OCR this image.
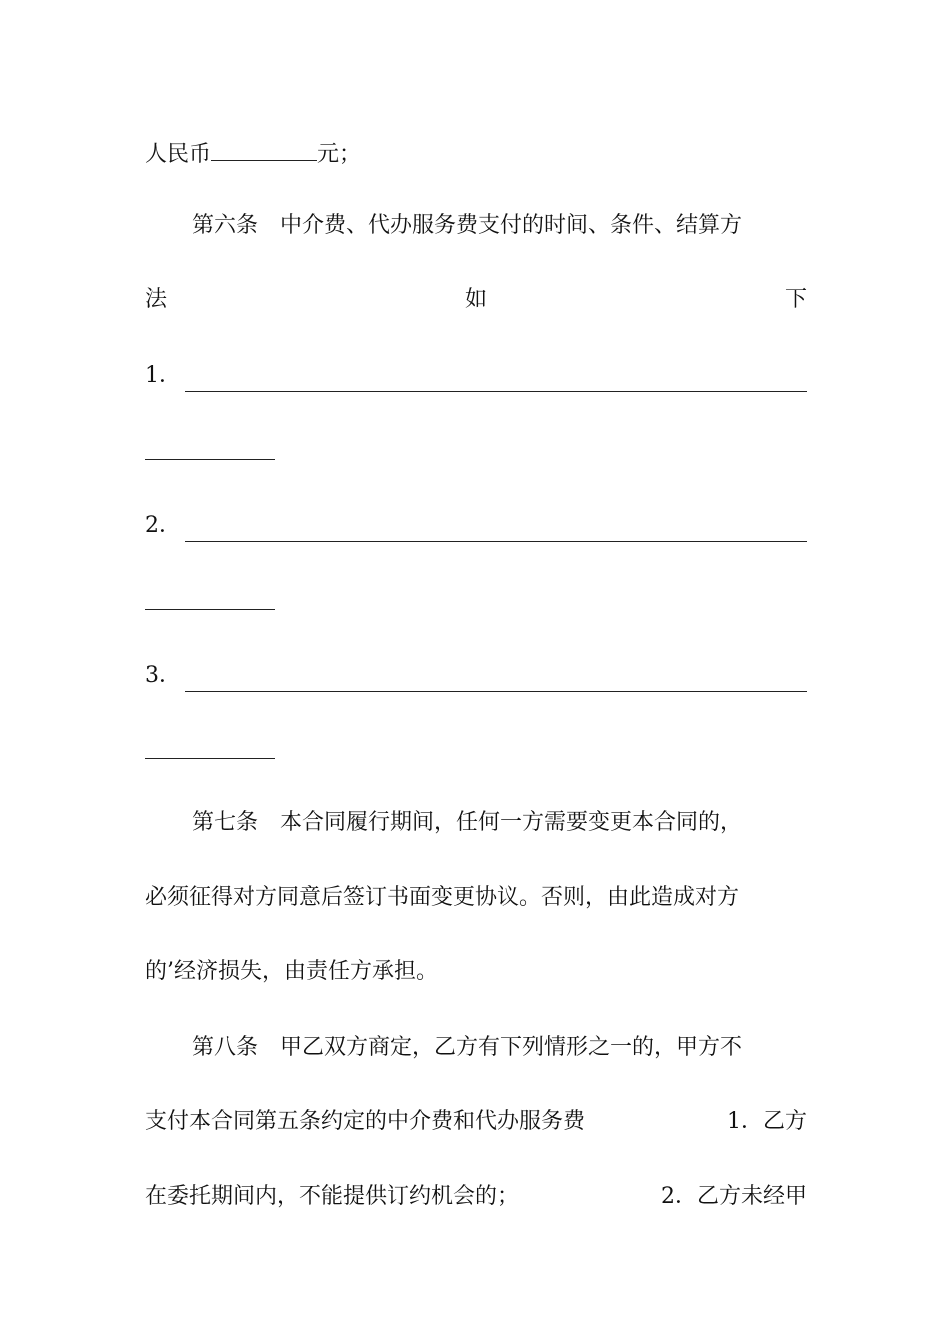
人民币	元；
第六条　中介费、代办服务费支付的时间、条件、结算方
法	如	下
1．
2．
3．
第七条　本合同履行期间，任何一方需要变更本合同的，
必须征得对方同意后签订书面变更协议。否则，由此造成对方
的’经济损失，由责任方承担。
第八条　甲乙双方商定，乙方有下列情形之一的，甲方不
支付本合同第五条约定的中介费和代办服务费	1．乙方
在委托期间内，不能提供订约机会的；	2．乙方未经甲
